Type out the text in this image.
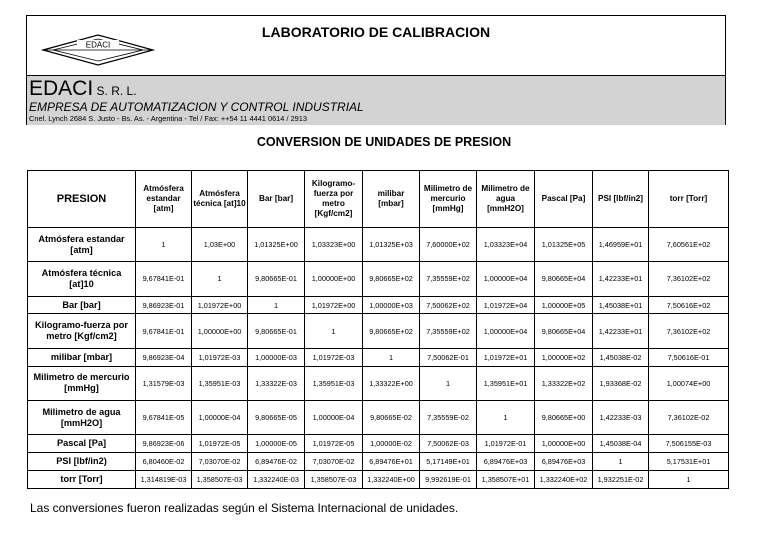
EDACI
LABORATORIO DE CALIBRACION
EDACI S. R. L.
EMPRESA DE AUTOMATIZACION Y CONTROL INDUSTRIAL
Cnel. Lynch 2684 S. Justo - Bs. As. - Argentina - Tel / Fax: ++54 11 4441 0614 / 2913
CONVERSION DE UNIDADES DE PRESION
PRESION	Atmósfera estandar [atm]	Atmósfera técnica [at]10	Bar [bar]	Kilogramo-fuerza por metro [Kgf/cm2]	milibar [mbar]	Milimetro de mercurio [mmHg]	Milimetro de agua [mmH2O]	Pascal [Pa]	PSI [lbf/in2]	torr [Torr]
Atmósfera estandar [atm]	1	1,03E+00	1,01325E+00	1,03323E+00	1,01325E+03	7,60000E+02	1,03323E+04	1,01325E+05	1,46959E+01	7,60561E+02
Atmósfera técnica [at]10	9,67841E-01	1	9,80665E-01	1,00000E+00	9,80665E+02	7,35559E+02	1,00000E+04	9,80665E+04	1,42233E+01	7,36102E+02
Bar [bar]	9,86923E-01	1,01972E+00	1	1,01972E+00	1,00000E+03	7,50062E+02	1,01972E+04	1,00000E+05	1,45038E+01	7,50616E+02
Kilogramo-fuerza por metro [Kgf/cm2]	9,67841E-01	1,00000E+00	9,80665E-01	1	9,80665E+02	7,35559E+02	1,00000E+04	9,80665E+04	1,42233E+01	7,36102E+02
milibar [mbar]	9,86923E-04	1,01972E-03	1,00000E-03	1,01972E-03	1	7,50062E-01	1,01972E+01	1,00000E+02	1,45038E-02	7,50616E-01
Milimetro de mercurio [mmHg]	1,31579E-03	1,35951E-03	1,33322E-03	1,35951E-03	1,33322E+00	1	1,35951E+01	1,33322E+02	1,93368E-02	1,00074E+00
Milimetro de agua [mmH2O]	9,67841E-05	1,00000E-04	9,80665E-05	1,00000E-04	9,80665E-02	7,35559E-02	1	9,80665E+00	1,42233E-03	7,36102E-02
Pascal [Pa]	9,86923E-06	1,01972E-05	1,00000E-05	1,01972E-05	1,00000E-02	7,50062E-03	1,01972E-01	1,00000E+00	1,45038E-04	7,506155E-03
PSI [lbf/in2)	6,80460E-02	7,03070E-02	6,89476E-02	7,03070E-02	6,89476E+01	5,17149E+01	6,89476E+03	6,89476E+03	1	5,17531E+01
torr [Torr]	1,314819E-03	1,358507E-03	1,332240E-03	1,358507E-03	1,332240E+00	9,992619E-01	1,358507E+01	1,332240E+02	1,932251E-02	1
Las conversiones fueron realizadas según el Sistema Internacional de unidades.
